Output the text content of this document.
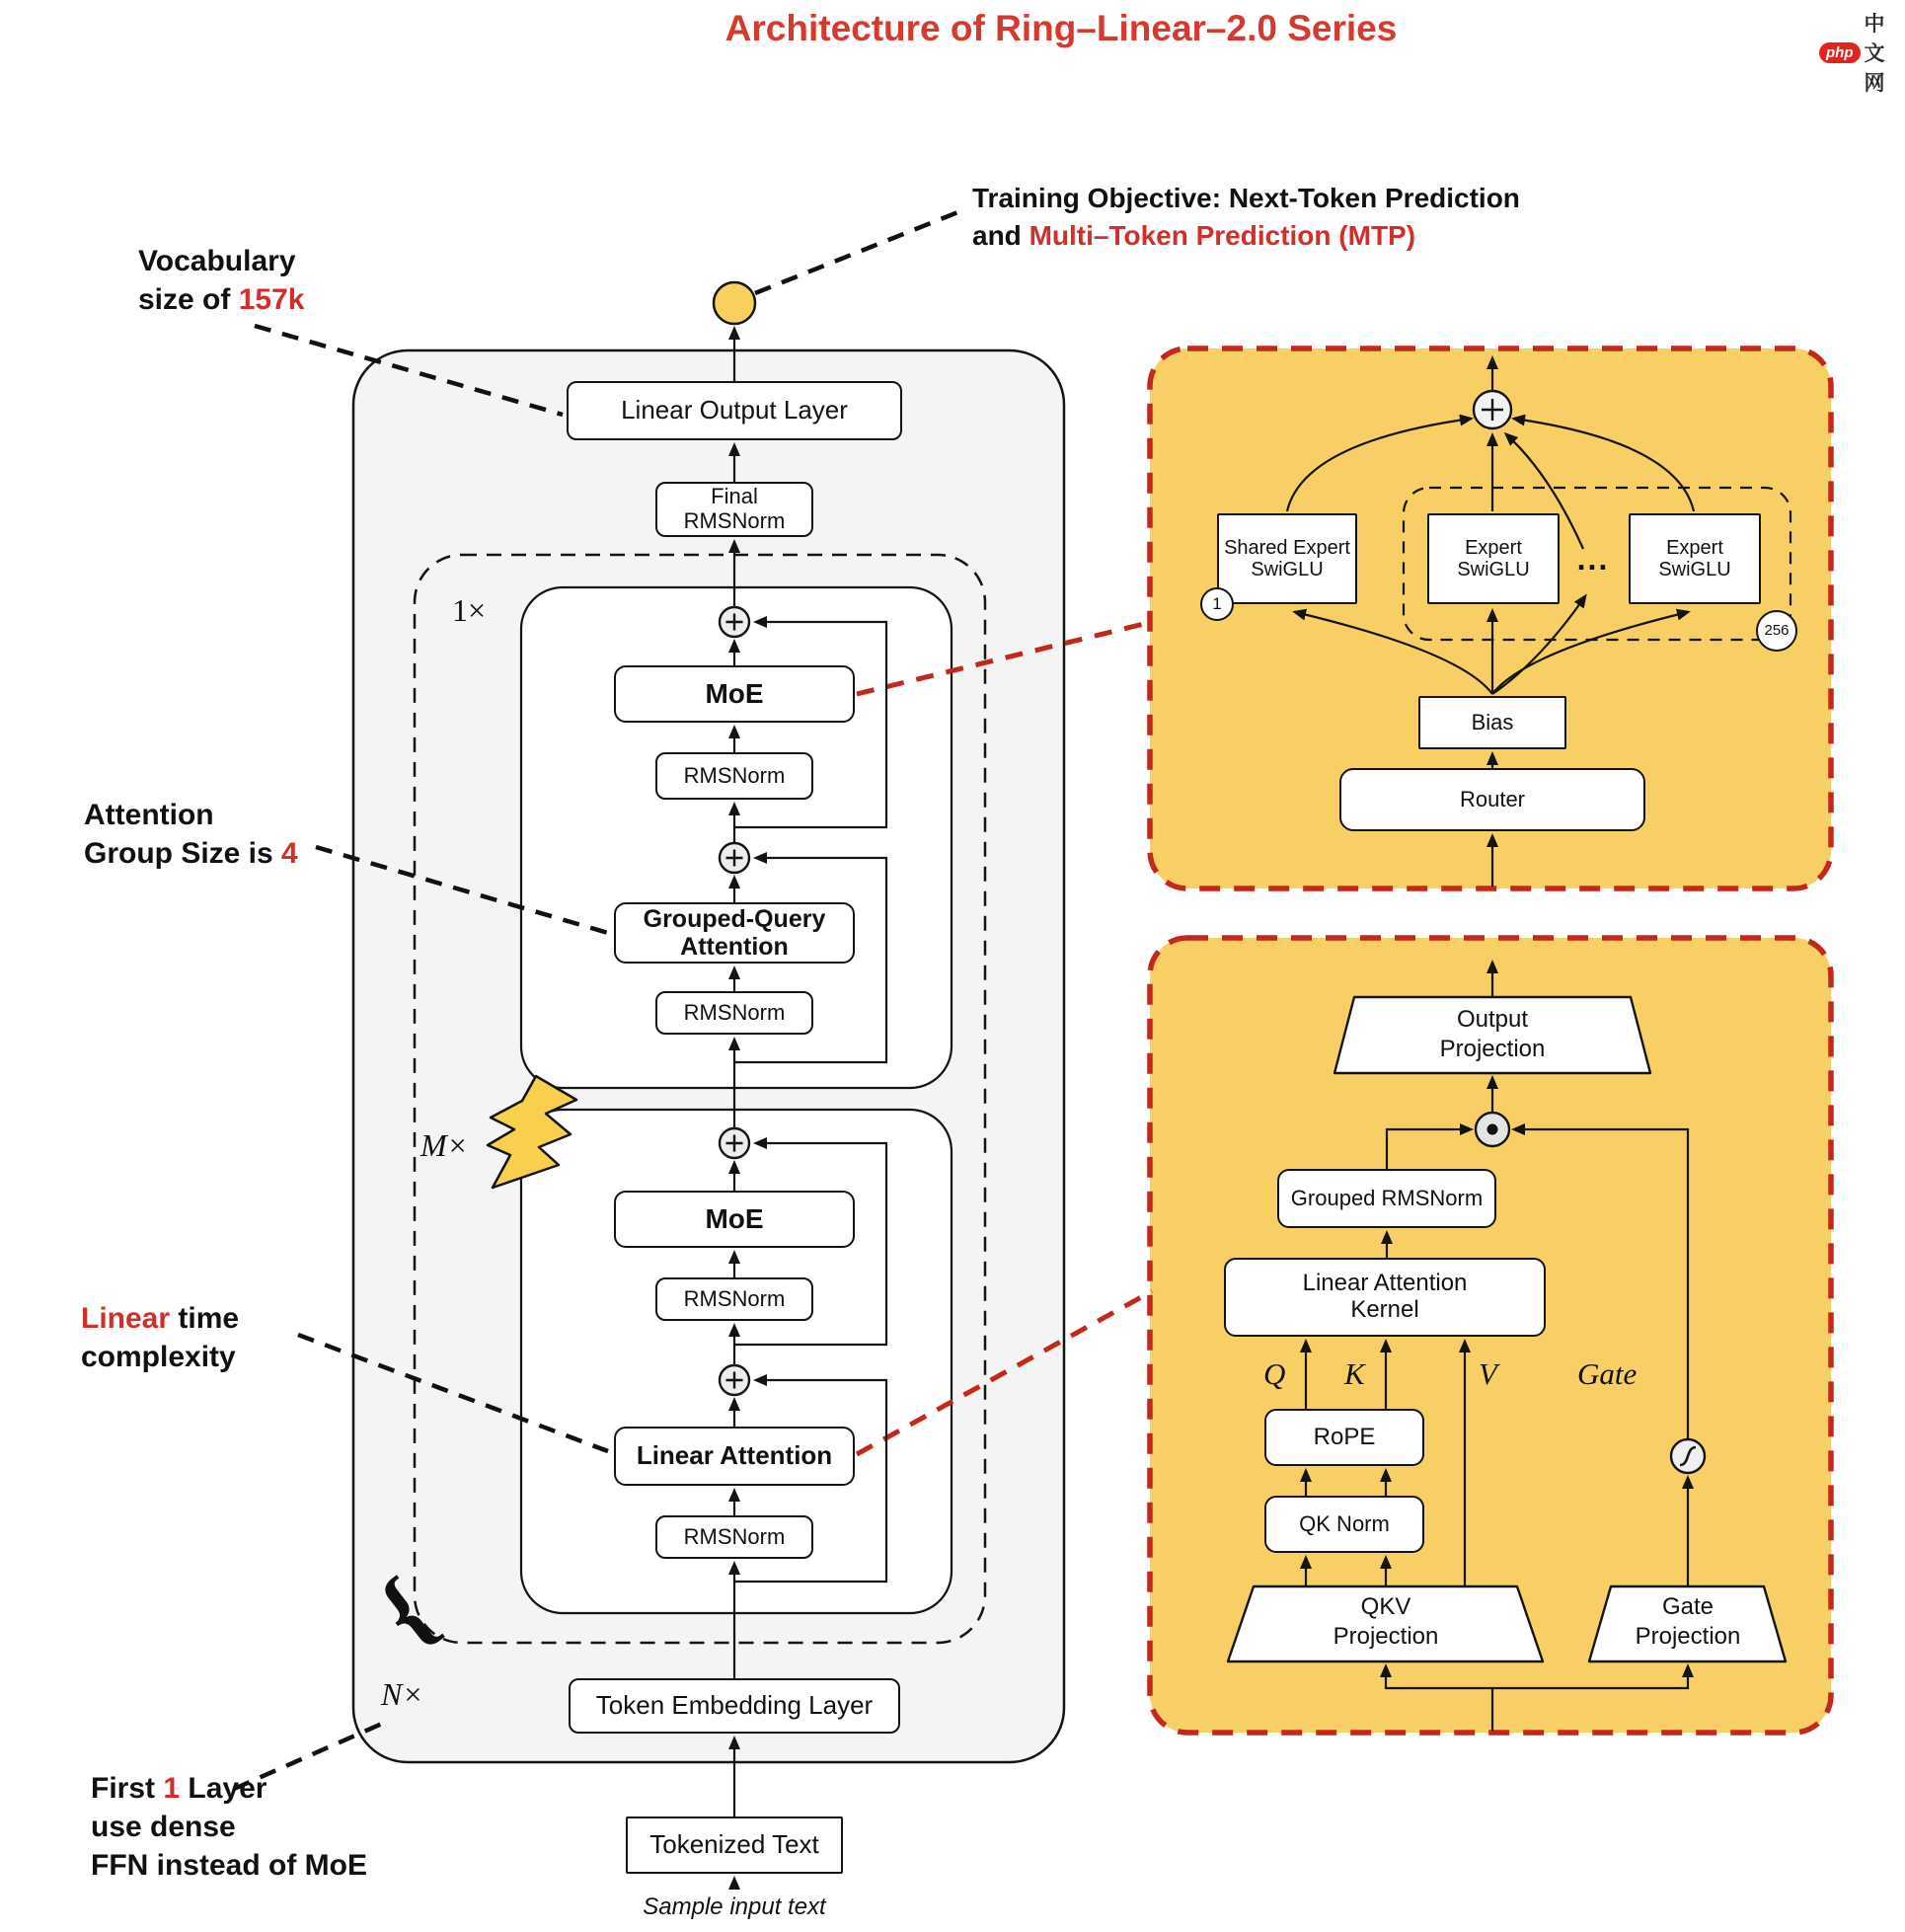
Architecture of Ring–Linear–2.0 Series
php
中文网
Training Objective: Next-Token Prediction
and Multi–Token Prediction (MTP)
Vocabulary
size of 157k
Attention
Group Size is 4
Linear time
complexity
First 1 Layer
use dense
FFN instead of MoE
Linear Output Layer
Final RMSNorm
MoE
RMSNorm
Grouped-Query
Attention
RMSNorm
MoE
RMSNorm
Linear Attention
RMSNorm
Token Embedding Layer
Tokenized Text
Sample input text
1×
M×
N×
{
Shared Expert
SwiGLU
Expert
SwiGLU	...	Expert
SwiGLU
1
256
Bias
Router
Output
Projection
Grouped RMSNorm
Linear Attention
Kernel
Q K	V	Gate
RoPE
QK Norm
QKV
Projection
Gate
Projection
